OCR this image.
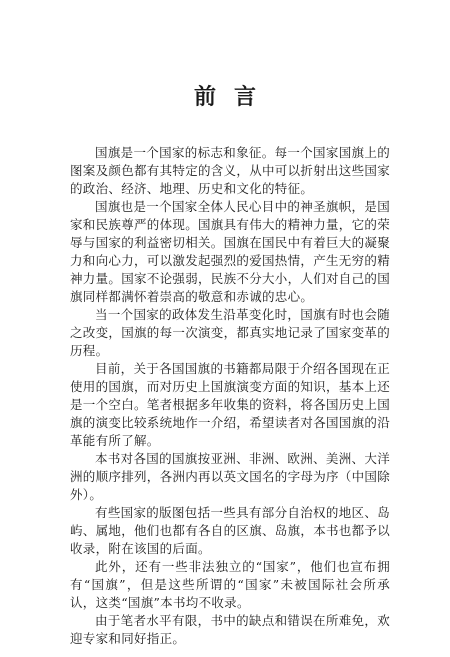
前言

国旗是一个国家的标志和象征。每一个国家国旗上的图案及颜色都有其特定的含义，从中可以折射出这些国家的政治、经济、地理、历史和文化的特征。

国旗也是一个国家全体人民心目中的神圣旗帜，是国家和民族尊严的体现。国旗具有伟大的精神力量，它的荣辱与国家的利益密切相关。国旗在国民中有着巨大的凝聚力和向心力，可以激发起强烈的爱国热情，产生无穷的精神力量。国家不论强弱，民族不分大小，人们对自己的国旗同样都满怀着崇高的敬意和赤诚的忠心。

当一个国家的政体发生沿革变化时，国旗有时也会随之改变，国旗的每一次演变，都真实地记录了国家变革的历程。

目前，关于各国国旗的书籍都局限于介绍各国现在正使用的国旗，而对历史上国旗演变方面的知识，基本上还是一个空白。笔者根据多年收集的资料，将各国历史上国旗的演变比较系统地作一介绍，希望读者对各国国旗的沿革能有所了解。

本书对各国的国旗按亚洲、非洲、欧洲、美洲、大洋洲的顺序排列，各洲内再以英文国名的字母为序（中国除外）。

有些国家的版图包括一些具有部分自治权的地区、岛屿、属地，他们也都有各自的区旗、岛旗，本书也都予以收录，附在该国的后面。

此外，还有一些非法独立的“国家”，他们也宣布拥有“国旗”，但是这些所谓的“国家”未被国际社会所承认，这类“国旗”本书均不收录。

由于笔者水平有限，书中的缺点和错误在所难免，欢迎专家和同好指正。
